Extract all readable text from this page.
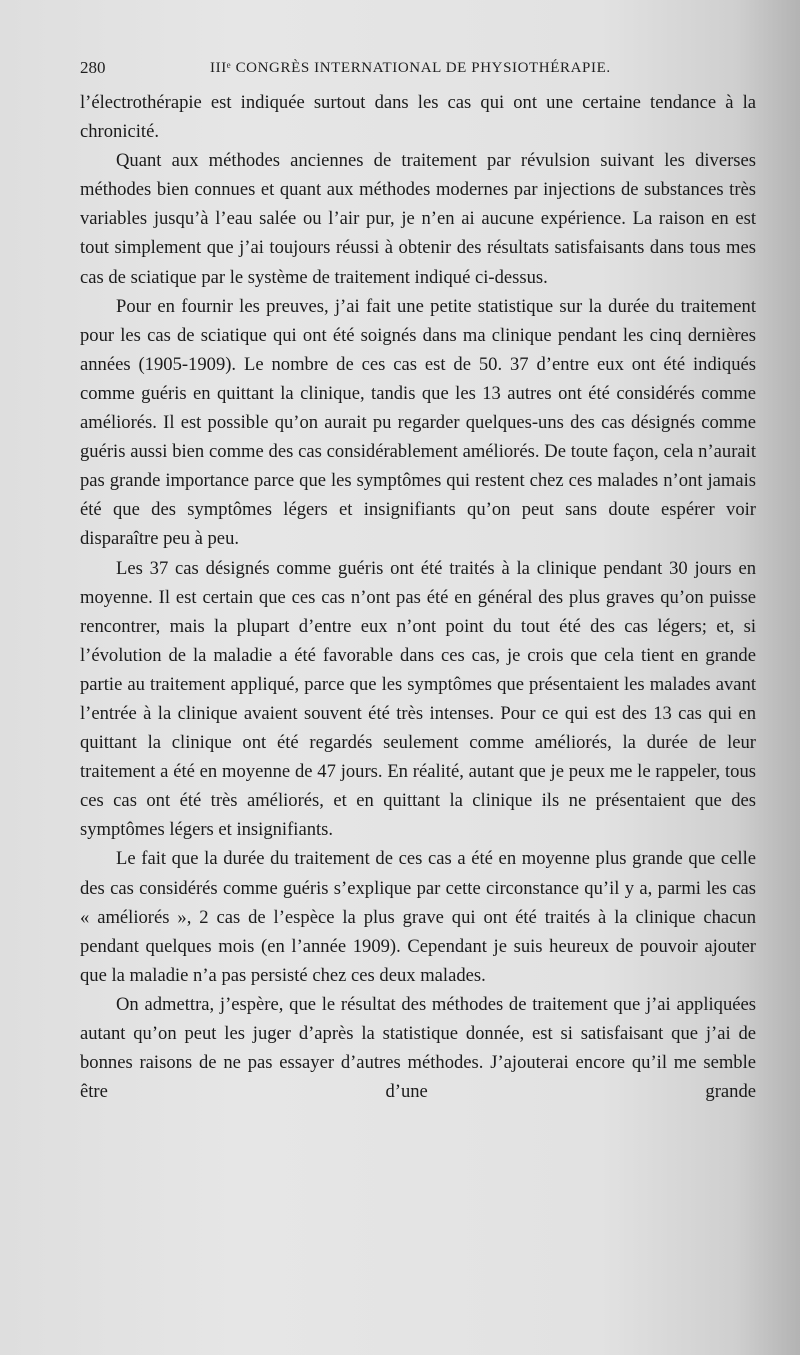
280	IIIᵉ CONGRÈS INTERNATIONAL DE PHYSIOTHÉRAPIE.

l’électrothérapie est indiquée surtout dans les cas qui ont une certaine tendance à la chronicité.

Quant aux méthodes anciennes de traitement par révulsion suivant les diverses méthodes bien connues et quant aux méthodes modernes par injections de substances très variables jusqu’à l’eau salée ou l’air pur, je n’en ai aucune expérience. La raison en est tout simplement que j’ai toujours réussi à obtenir des résultats satisfaisants dans tous mes cas de sciatique par le système de traitement indiqué ci-dessus.

Pour en fournir les preuves, j’ai fait une petite statistique sur la durée du traitement pour les cas de sciatique qui ont été soignés dans ma clinique pendant les cinq dernières années (1905-1909). Le nombre de ces cas est de 50. 37 d’entre eux ont été indiqués comme guéris en quittant la clinique, tandis que les 13 autres ont été considérés comme améliorés. Il est possible qu’on aurait pu regarder quelques-uns des cas désignés comme guéris aussi bien comme des cas considérablement améliorés. De toute façon, cela n’aurait pas grande importance parce que les symptômes qui restent chez ces malades n’ont jamais été que des symptômes légers et insignifiants qu’on peut sans doute espérer voir disparaître peu à peu.

Les 37 cas désignés comme guéris ont été traités à la clinique pendant 30 jours en moyenne. Il est certain que ces cas n’ont pas été en général des plus graves qu’on puisse rencontrer, mais la plupart d’entre eux n’ont point du tout été des cas légers; et, si l’évolution de la maladie a été favorable dans ces cas, je crois que cela tient en grande partie au traitement appliqué, parce que les symptômes que présentaient les malades avant l’entrée à la clinique avaient souvent été très intenses. Pour ce qui est des 13 cas qui en quittant la clinique ont été regardés seulement comme améliorés, la durée de leur traitement a été en moyenne de 47 jours. En réalité, autant que je peux me le rappeler, tous ces cas ont été très améliorés, et en quittant la clinique ils ne présentaient que des symptômes légers et insignifiants.

Le fait que la durée du traitement de ces cas a été en moyenne plus grande que celle des cas considérés comme guéris s’explique par cette circonstance qu’il y a, parmi les cas « améliorés », 2 cas de l’espèce la plus grave qui ont été traités à la clinique chacun pendant quelques mois (en l’année 1909). Cependant je suis heureux de pouvoir ajouter que la maladie n’a pas persisté chez ces deux malades.

On admettra, j’espère, que le résultat des méthodes de traitement que j’ai appliquées autant qu’on peut les juger d’après la statistique donnée, est si satisfaisant que j’ai de bonnes raisons de ne pas essayer d’autres méthodes. J’ajouterai encore qu’il me semble être d’une grande
